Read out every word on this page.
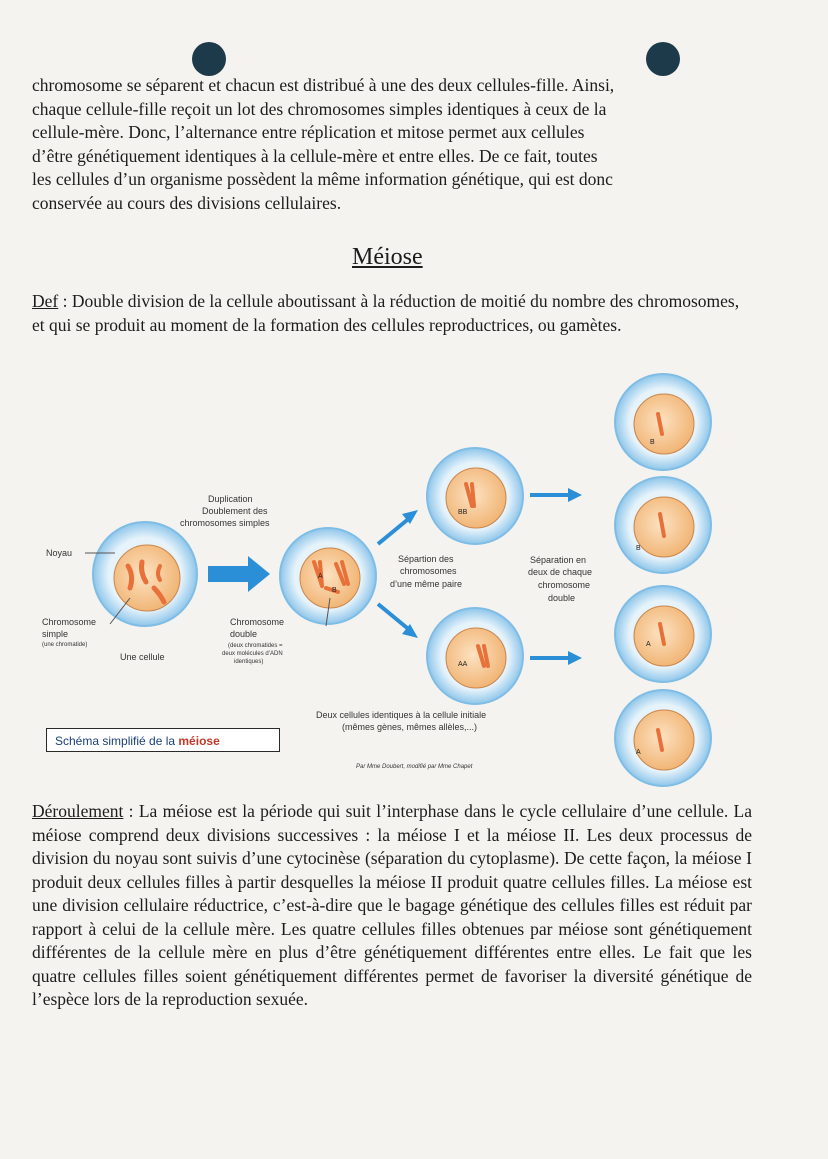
chromosome se séparent et chacun est distribué à une des deux cellules-fille. Ainsi,
chaque cellule-fille reçoit un lot des chromosomes simples identiques à ceux de la
cellule-mère. Donc, l’alternance entre réplication et mitose permet aux cellules
d’être génétiquement identiques à la cellule-mère et entre elles. De ce fait, toutes
les cellules d’un organisme possèdent la même information génétique, qui est donc
conservée au cours des divisions cellulaires.
Méiose
Def : Double division de la cellule aboutissant à la réduction de moitié du nombre des chromosomes, et qui se produit au moment de la formation des cellules reproductrices, ou gamètes.
Noyau
Chromosome
simple
(une chromatide)
Une cellule
Duplication
Doublement des
chromosomes simples
A
B
Chromosome
double
(deux chromatides =
deux molécules d’ADN
identiques)
Sépartion des
chromosomes
d’une même paire
BB
AA
Séparation en
deux de chaque
chromosome
double
B
B
A
A
Deux cellules identiques à la cellule initiale
(mêmes gènes, mêmes allèles,...)
Par Mme Doubert, modifié par Mme Chapet
Schéma simplifié de la méiose
Déroulement : La méiose est la période qui suit l’interphase dans le cycle cellulaire d’une cellule. La méiose comprend deux divisions successives : la méiose I et la méiose II. Les deux processus de division du noyau sont suivis d’une cytocinèse (séparation du cytoplasme). De cette façon, la méiose I produit deux cellules filles à partir desquelles la méiose II produit quatre cellules filles. La méiose est une division cellulaire réductrice, c’est-à-dire que le bagage génétique des cellules filles est réduit par rapport à celui de la cellule mère. Les quatre cellules filles obtenues par méiose sont génétiquement différentes de la cellule mère en plus d’être génétiquement différentes entre elles. Le fait que les quatre cellules filles soient génétiquement différentes permet de favoriser la diversité génétique de l’espèce lors de la reproduction sexuée.
